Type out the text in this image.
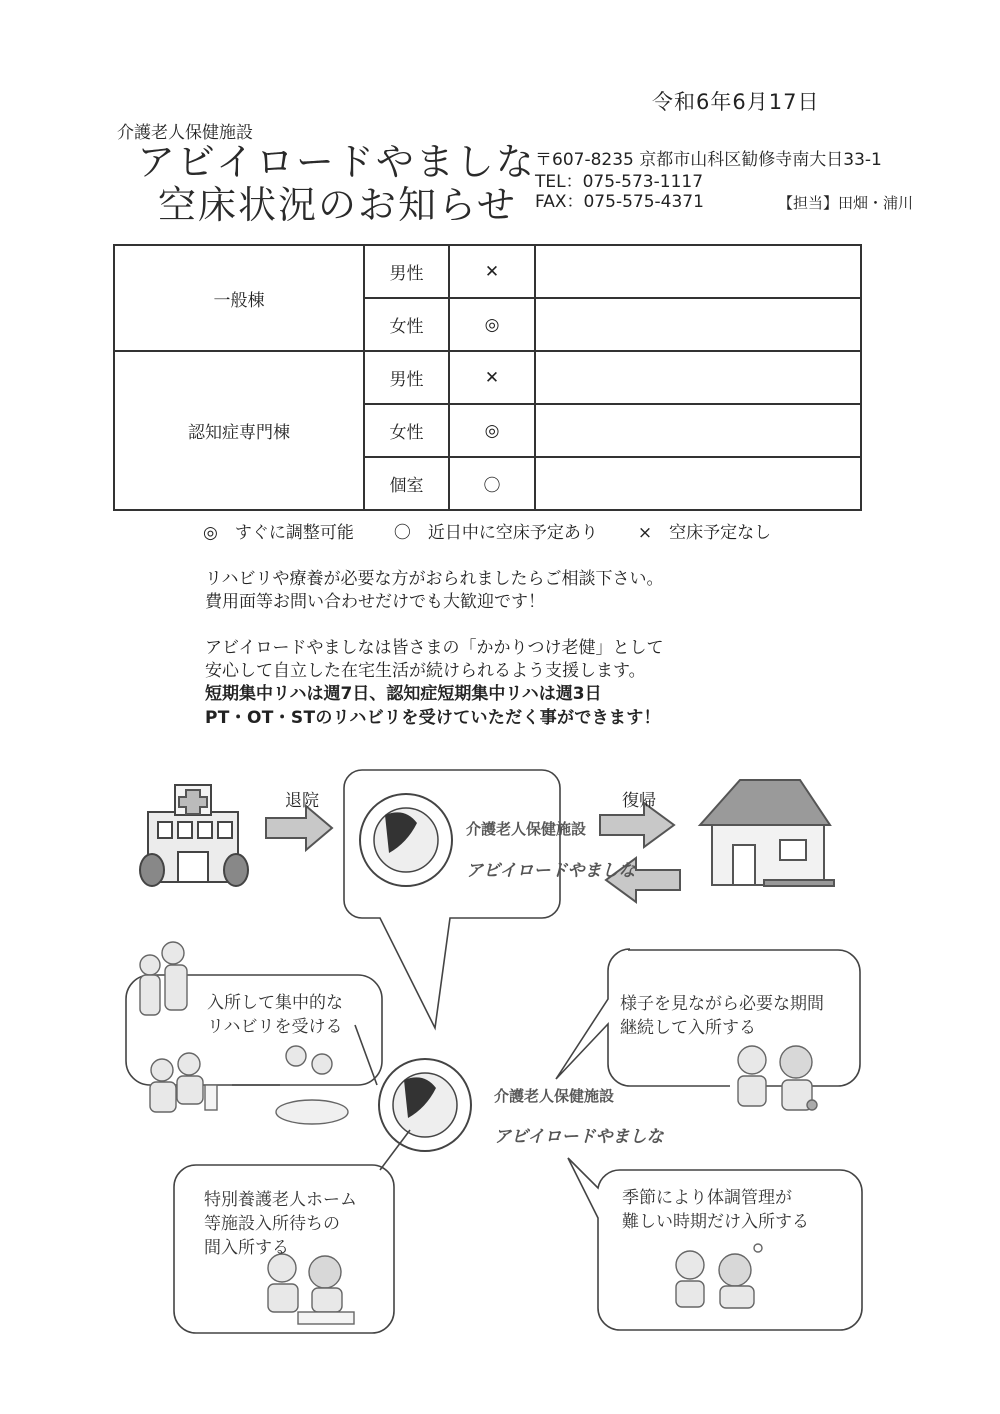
令和6年6月17日
介護老人保健施設
アビイロードやましな
空床状況のお知らせ
〒607-8235 京都市山科区勧修寺南大日33-1
TEL：075-573-1117
FAX：075-575-4371	【担当】田畑・浦川
一般棟	男性	✕	
	女性	◎	
認知症専門棟	男性	✕	
	女性	◎	
	個室	〇	
◎　すぐに調整可能 〇　近日中に空床予定あり ×　空床予定なし
リハビリや療養が必要な方がおられましたらご相談下さい。
費用面等お問い合わせだけでも大歓迎です！
アビイロードやましなは皆さまの「かかりつけ老健」として
安心して自立した在宅生活が続けられるよう支援します。
短期集中リハは週7日、認知症短期集中リハは週3日
PT・OT・STのリハビリを受けていただく事ができます！
退院	復帰
介護老人保健施設
アビイロードやましな
介護老人保健施設
アビイロードやましな
入所して集中的な
リハビリを受ける
様子を見ながら必要な期間
継続して入所する
特別養護老人ホーム
等施設入所待ちの
間入所する
季節により体調管理が
難しい時期だけ入所する
